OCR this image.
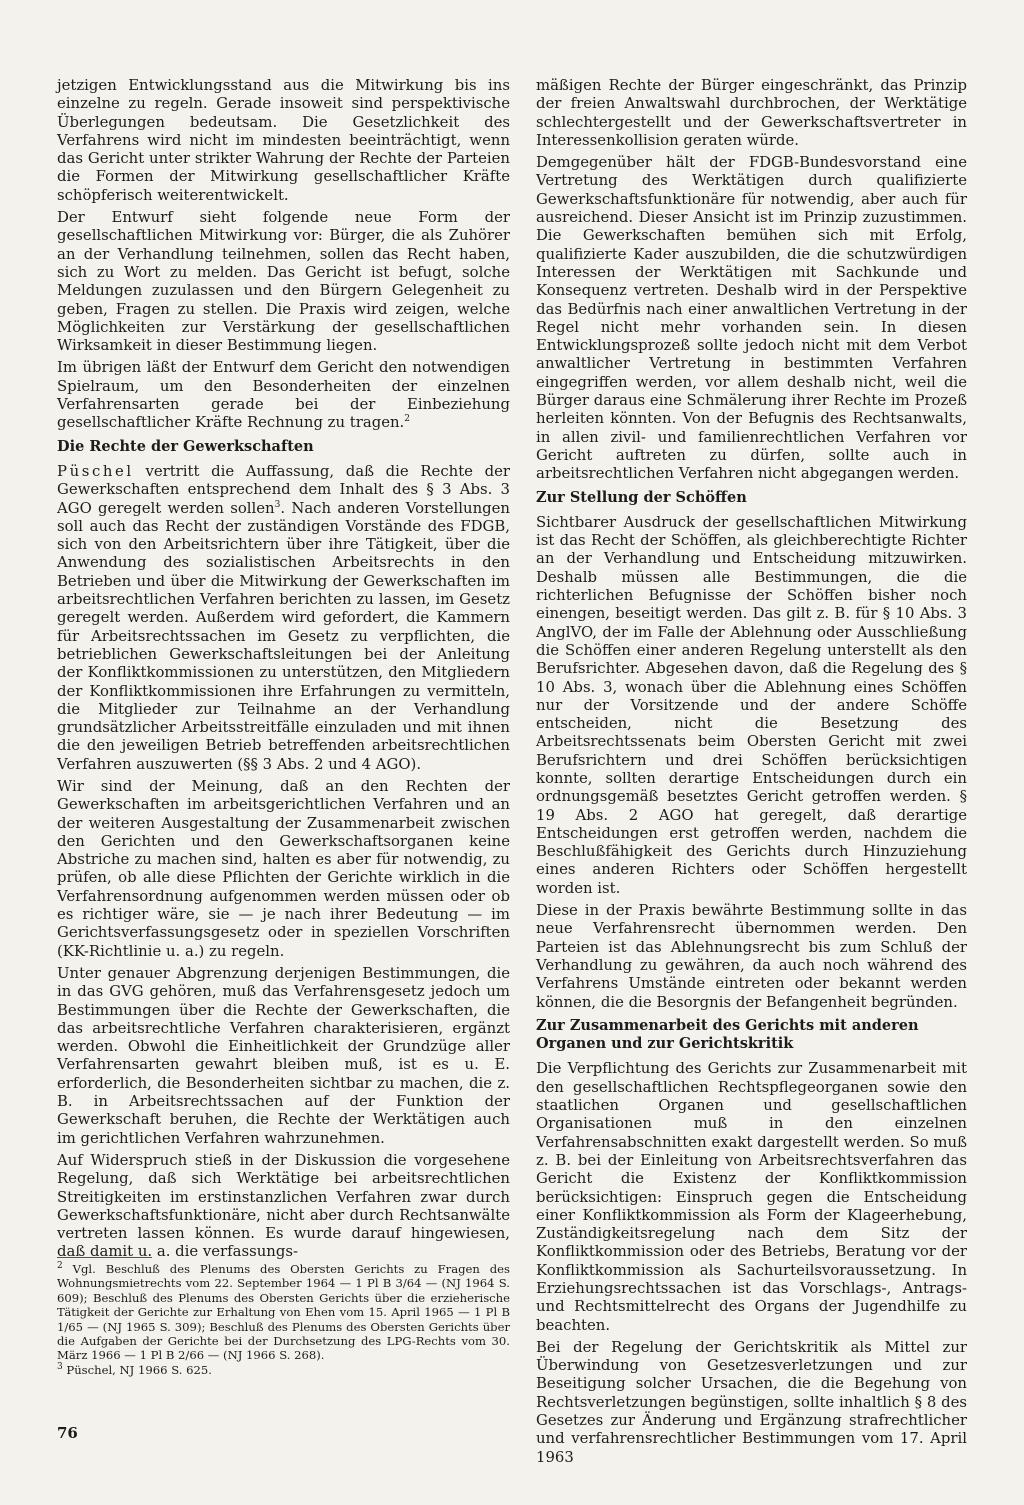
jetzigen Entwicklungsstand aus die Mitwirkung bis ins einzelne zu regeln. Gerade insoweit sind perspektivische Überlegungen bedeutsam. Die Gesetzlichkeit des Verfahrens wird nicht im mindesten beeinträchtigt, wenn das Gericht unter strikter Wahrung der Rechte der Parteien die Formen der Mitwirkung gesellschaftlicher Kräfte schöpferisch weiterentwickelt.

Der Entwurf sieht folgende neue Form der gesellschaftlichen Mitwirkung vor: Bürger, die als Zuhörer an der Verhandlung teilnehmen, sollen das Recht haben, sich zu Wort zu melden. Das Gericht ist befugt, solche Meldungen zuzulassen und den Bürgern Gelegenheit zu geben, Fragen zu stellen. Die Praxis wird zeigen, welche Möglichkeiten zur Verstärkung der gesellschaftlichen Wirksamkeit in dieser Bestimmung liegen.

Im übrigen läßt der Entwurf dem Gericht den notwendigen Spielraum, um den Besonderheiten der einzelnen Verfahrensarten gerade bei der Einbeziehung gesellschaftlicher Kräfte Rechnung zu tragen.$^2$

Die Rechte der Gewerkschaften

Püschel vertritt die Auffassung, daß die Rechte der Gewerkschaften entsprechend dem Inhalt des § 3 Abs. 3 AGO geregelt werden sollen$^3$. Nach anderen Vorstellungen soll auch das Recht der zuständigen Vorstände des FDGB, sich von den Arbeitsrichtern über ihre Tätigkeit, über die Anwendung des sozialistischen Arbeitsrechts in den Betrieben und über die Mitwirkung der Gewerkschaften im arbeitsrechtlichen Verfahren berichten zu lassen, im Gesetz geregelt werden. Außerdem wird gefordert, die Kammern für Arbeitsrechtssachen im Gesetz zu verpflichten, die betrieblichen Gewerkschaftsleitungen bei der Anleitung der Konfliktkommissionen zu unterstützen, den Mitgliedern der Konfliktkommissionen ihre Erfahrungen zu vermitteln, die Mitglieder zur Teilnahme an der Verhandlung grundsätzlicher Arbeitsstreitfälle einzuladen und mit ihnen die den jeweiligen Betrieb betreffenden arbeitsrechtlichen Verfahren auszuwerten (§§ 3 Abs. 2 und 4 AGO).

Wir sind der Meinung, daß an den Rechten der Gewerkschaften im arbeitsgerichtlichen Verfahren und an der weiteren Ausgestaltung der Zusammenarbeit zwischen den Gerichten und den Gewerkschaftsorganen keine Abstriche zu machen sind, halten es aber für notwendig, zu prüfen, ob alle diese Pflichten der Gerichte wirklich in die Verfahrensordnung aufgenommen werden müssen oder ob es richtiger wäre, sie — je nach ihrer Bedeutung — im Gerichtsverfassungsgesetz oder in speziellen Vorschriften (KK-Richtlinie u. a.) zu regeln.

Unter genauer Abgrenzung derjenigen Bestimmungen, die in das GVG gehören, muß das Verfahrensgesetz jedoch um Bestimmungen über die Rechte der Gewerkschaften, die das arbeitsrechtliche Verfahren charakterisieren, ergänzt werden. Obwohl die Einheitlichkeit der Grundzüge aller Verfahrensarten gewahrt bleiben muß, ist es u. E. erforderlich, die Besonderheiten sichtbar zu machen, die z. B. in Arbeitsrechtssachen auf der Funktion der Gewerkschaft beruhen, die Rechte der Werktätigen auch im gerichtlichen Verfahren wahrzunehmen.

Auf Widerspruch stieß in der Diskussion die vorgesehene Regelung, daß sich Werktätige bei arbeitsrechtlichen Streitigkeiten im erstinstanzlichen Verfahren zwar durch Gewerkschaftsfunktionäre, nicht aber durch Rechtsanwälte vertreten lassen können. Es wurde darauf hingewiesen, daß damit u. a. die verfassungs-

$^2$ Vgl. Beschluß des Plenums des Obersten Gerichts zu Fragen des Wohnungsmietrechts vom 22. September 1964 — 1 Pl B 3/64 — (NJ 1964 S. 609); Beschluß des Plenums des Obersten Gerichts über die erzieherische Tätigkeit der Gerichte zur Erhaltung von Ehen vom 15. April 1965 — 1 Pl B 1/65 — (NJ 1965 S. 309); Beschluß des Plenums des Obersten Gerichts über die Aufgaben der Gerichte bei der Durchsetzung des LPG-Rechts vom 30. März 1966 — 1 Pl B 2/66 — (NJ 1966 S. 268).

$^3$ Püschel, NJ 1966 S. 625.

76

mäßigen Rechte der Bürger eingeschränkt, das Prinzip der freien Anwaltswahl durchbrochen, der Werktätige schlechtergestellt und der Gewerkschaftsvertreter in Interessenkollision geraten würde.

Demgegenüber hält der FDGB-Bundesvorstand eine Vertretung des Werktätigen durch qualifizierte Gewerkschaftsfunktionäre für notwendig, aber auch für ausreichend. Dieser Ansicht ist im Prinzip zuzustimmen. Die Gewerkschaften bemühen sich mit Erfolg, qualifizierte Kader auszubilden, die die schutzwürdigen Interessen der Werktätigen mit Sachkunde und Konsequenz vertreten. Deshalb wird in der Perspektive das Bedürfnis nach einer anwaltlichen Vertretung in der Regel nicht mehr vorhanden sein. In diesen Entwicklungsprozeß sollte jedoch nicht mit dem Verbot anwaltlicher Vertretung in bestimmten Verfahren eingegriffen werden, vor allem deshalb nicht, weil die Bürger daraus eine Schmälerung ihrer Rechte im Prozeß herleiten könnten. Von der Befugnis des Rechtsanwalts, in allen zivil- und familienrechtlichen Verfahren vor Gericht auftreten zu dürfen, sollte auch in arbeitsrechtlichen Verfahren nicht abgegangen werden.

Zur Stellung der Schöffen

Sichtbarer Ausdruck der gesellschaftlichen Mitwirkung ist das Recht der Schöffen, als gleichberechtigte Richter an der Verhandlung und Entscheidung mitzuwirken. Deshalb müssen alle Bestimmungen, die die richterlichen Befugnisse der Schöffen bisher noch einengen, beseitigt werden. Das gilt z. B. für § 10 Abs. 3 AnglVO, der im Falle der Ablehnung oder Ausschließung die Schöffen einer anderen Regelung unterstellt als den Berufsrichter. Abgesehen davon, daß die Regelung des § 10 Abs. 3, wonach über die Ablehnung eines Schöffen nur der Vorsitzende und der andere Schöffe entscheiden, nicht die Besetzung des Arbeitsrechtssenats beim Obersten Gericht mit zwei Berufsrichtern und drei Schöffen berücksichtigen konnte, sollten derartige Entscheidungen durch ein ordnungsgemäß besetztes Gericht getroffen werden. § 19 Abs. 2 AGO hat geregelt, daß derartige Entscheidungen erst getroffen werden, nachdem die Beschlußfähigkeit des Gerichts durch Hinzuziehung eines anderen Richters oder Schöffen hergestellt worden ist.

Diese in der Praxis bewährte Bestimmung sollte in das neue Verfahrensrecht übernommen werden. Den Parteien ist das Ablehnungsrecht bis zum Schluß der Verhandlung zu gewähren, da auch noch während des Verfahrens Umstände eintreten oder bekannt werden können, die die Besorgnis der Befangenheit begründen.

Zur Zusammenarbeit des Gerichts mit anderen Organen und zur Gerichtskritik

Die Verpflichtung des Gerichts zur Zusammenarbeit mit den gesellschaftlichen Rechtspflegeorganen sowie den staatlichen Organen und gesellschaftlichen Organisationen muß in den einzelnen Verfahrensabschnitten exakt dargestellt werden. So muß z. B. bei der Einleitung von Arbeitsrechtsverfahren das Gericht die Existenz der Konfliktkommission berücksichtigen: Einspruch gegen die Entscheidung einer Konfliktkommission als Form der Klageerhebung, Zuständigkeitsregelung nach dem Sitz der Konfliktkommission oder des Betriebs, Beratung vor der Konfliktkommission als Sachurteilsvoraussetzung. In Erziehungsrechtssachen ist das Vorschlags-, Antrags- und Rechtsmittelrecht des Organs der Jugendhilfe zu beachten.

Bei der Regelung der Gerichtskritik als Mittel zur Überwindung von Gesetzesverletzungen und zur Beseitigung solcher Ursachen, die die Begehung von Rechtsverletzungen begünstigen, sollte inhaltlich § 8 des Gesetzes zur Änderung und Ergänzung strafrechtlicher und verfahrensrechtlicher Bestimmungen vom 17. April 1963
